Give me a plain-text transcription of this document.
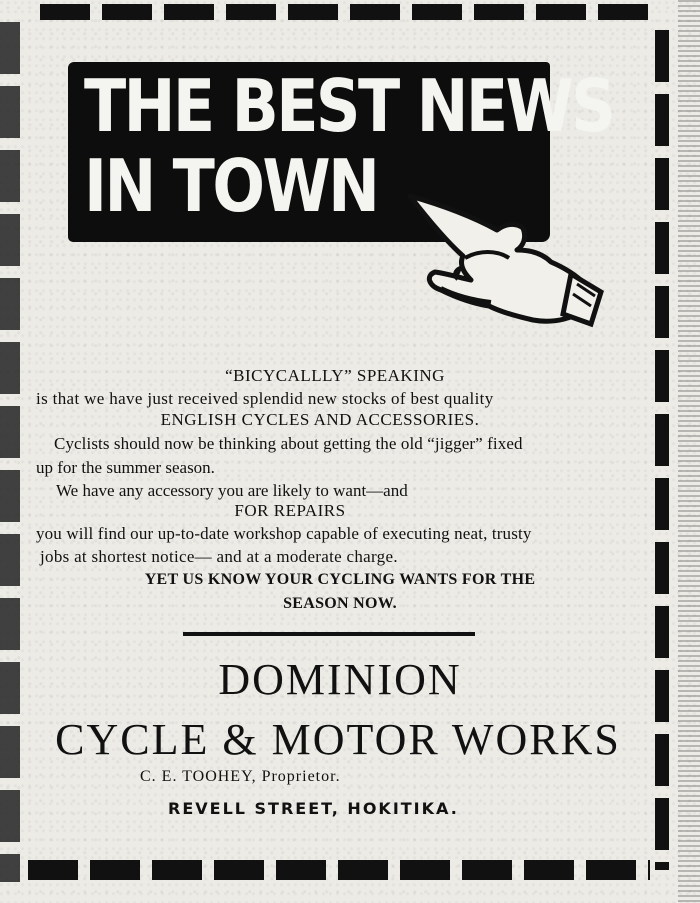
THE BEST NEWS
IN TOWN
“BICYCALLLY” SPEAKING
is that we have just received splendid new stocks of best quality
ENGLISH CYCLES AND ACCESSORIES.
Cyclists should now be thinking about getting the old “jigger” fixed
up for the summer season.
We have any accessory you are likely to want—and
FOR REPAIRS
you will find our up-to-date workshop capable of executing neat, trusty
jobs at shortest notice— and at a moderate charge.
YET US KNOW YOUR CYCLING WANTS FOR THE
SEASON NOW.
DOMINION
CYCLE & MOTOR WORKS
C. E. TOOHEY, Proprietor.
REVELL STREET, HOKITIKA.
